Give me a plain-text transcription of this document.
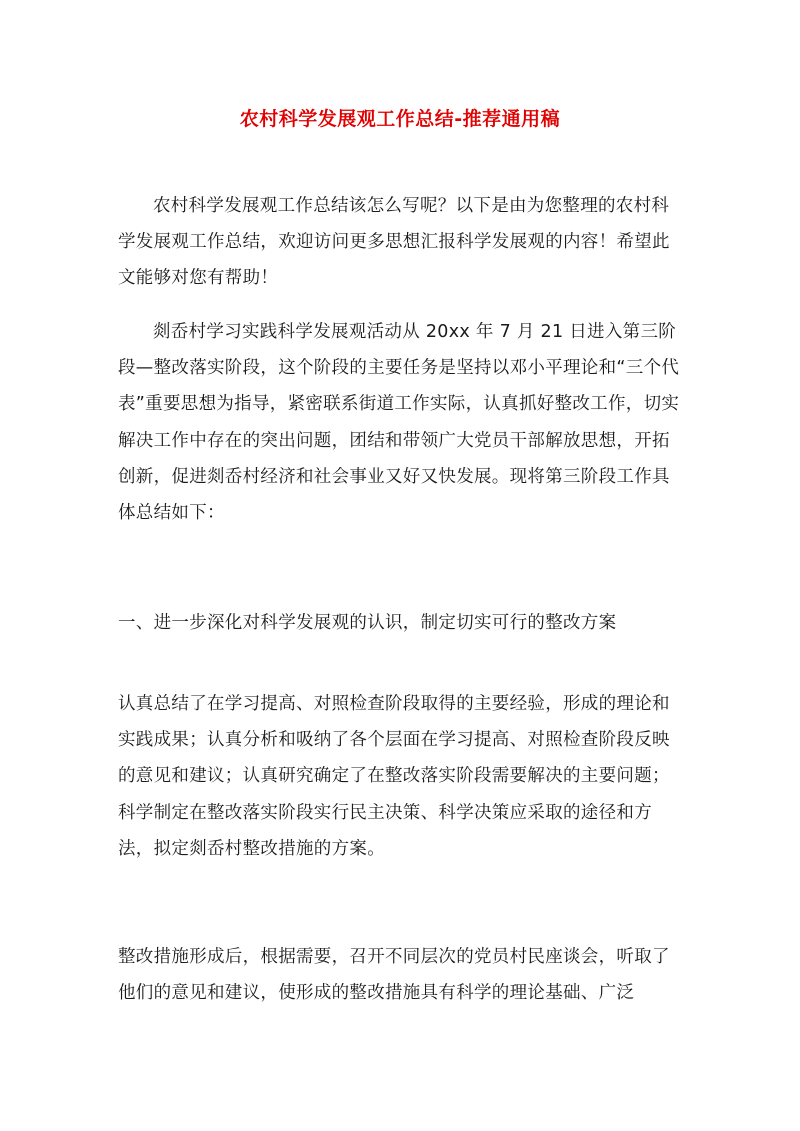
农村科学发展观工作总结-推荐通用稿

农村科学发展观工作总结该怎么写呢？以下是由为您整理的农村科学发展观工作总结，欢迎访问更多思想汇报科学发展观的内容！希望此文能够对您有帮助！

剡岙村学习实践科学发展观活动从 20xx 年 7 月 21 日进入第三阶段—整改落实阶段，这个阶段的主要任务是坚持以邓小平理论和“三个代表”重要思想为指导，紧密联系街道工作实际，认真抓好整改工作，切实解决工作中存在的突出问题，团结和带领广大党员干部解放思想，开拓创新，促进剡岙村经济和社会事业又好又快发展。现将第三阶段工作具体总结如下：

一、进一步深化对科学发展观的认识，制定切实可行的整改方案

认真总结了在学习提高、对照检查阶段取得的主要经验，形成的理论和实践成果；认真分析和吸纳了各个层面在学习提高、对照检查阶段反映的意见和建议；认真研究确定了在整改落实阶段需要解决的主要问题；科学制定在整改落实阶段实行民主决策、科学决策应采取的途径和方法，拟定剡岙村整改措施的方案。

整改措施形成后，根据需要，召开不同层次的党员村民座谈会，听取了他们的意见和建议，使形成的整改措施具有科学的理论基础、广泛
